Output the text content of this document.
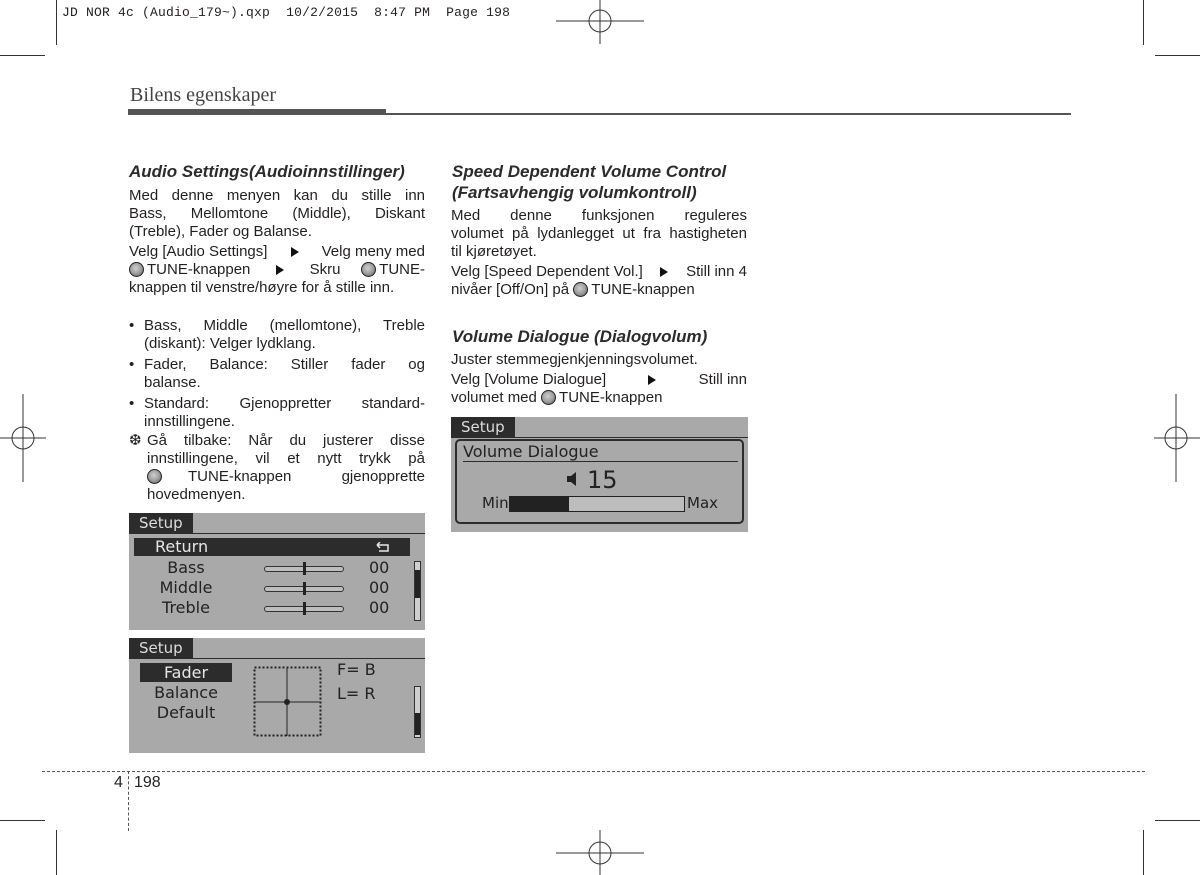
JD NOR 4c (Audio_179~).qxp 10/2/2015 8:47 PM Page 198
Bilens egenskaper
Audio Settings(Audioinnstillinger)
Med denne menyen kan du stille inn
Bass, Mellomtone (Middle), Diskant
(Treble), Fader og Balanse.
Velg [Audio Settings]	Velg meny med
TUNE-knappen	Skru	TUNE-
knappen til venstre/høyre for å stille inn.
• Bass, Middle (mellomtone), Treble
(diskant): Velger lydklang.
• Fader, Balance: Stiller fader og
balanse.
• Standard: Gjenoppretter standard-
innstillingene.
❆ Gå tilbake: Når du justerer disse
innstillingene, vil et nytt trykk på
TUNE-knappen	gjenopprette
hovedmenyen.
Setup
Return
Bass	00
Middle	00
Treble	00
Setup
Fader
Balance
Default
F= B
L= R
Speed Dependent Volume Control
(Fartsavhengig volumkontroll)
Med denne funksjonen reguleres
volumet på lydanlegget ut fra hastigheten
til kjøretøyet.
Velg [Speed Dependent Vol.]	Still inn 4
nivåer [Off/On] på TUNE-knappen
Volume Dialogue (Dialogvolum)
Juster stemmegjenkjenningsvolumet.
Velg [Volume Dialogue]	Still inn
volumet med TUNE-knappen
Setup
Volume Dialogue
15
Min	Max
4 198
